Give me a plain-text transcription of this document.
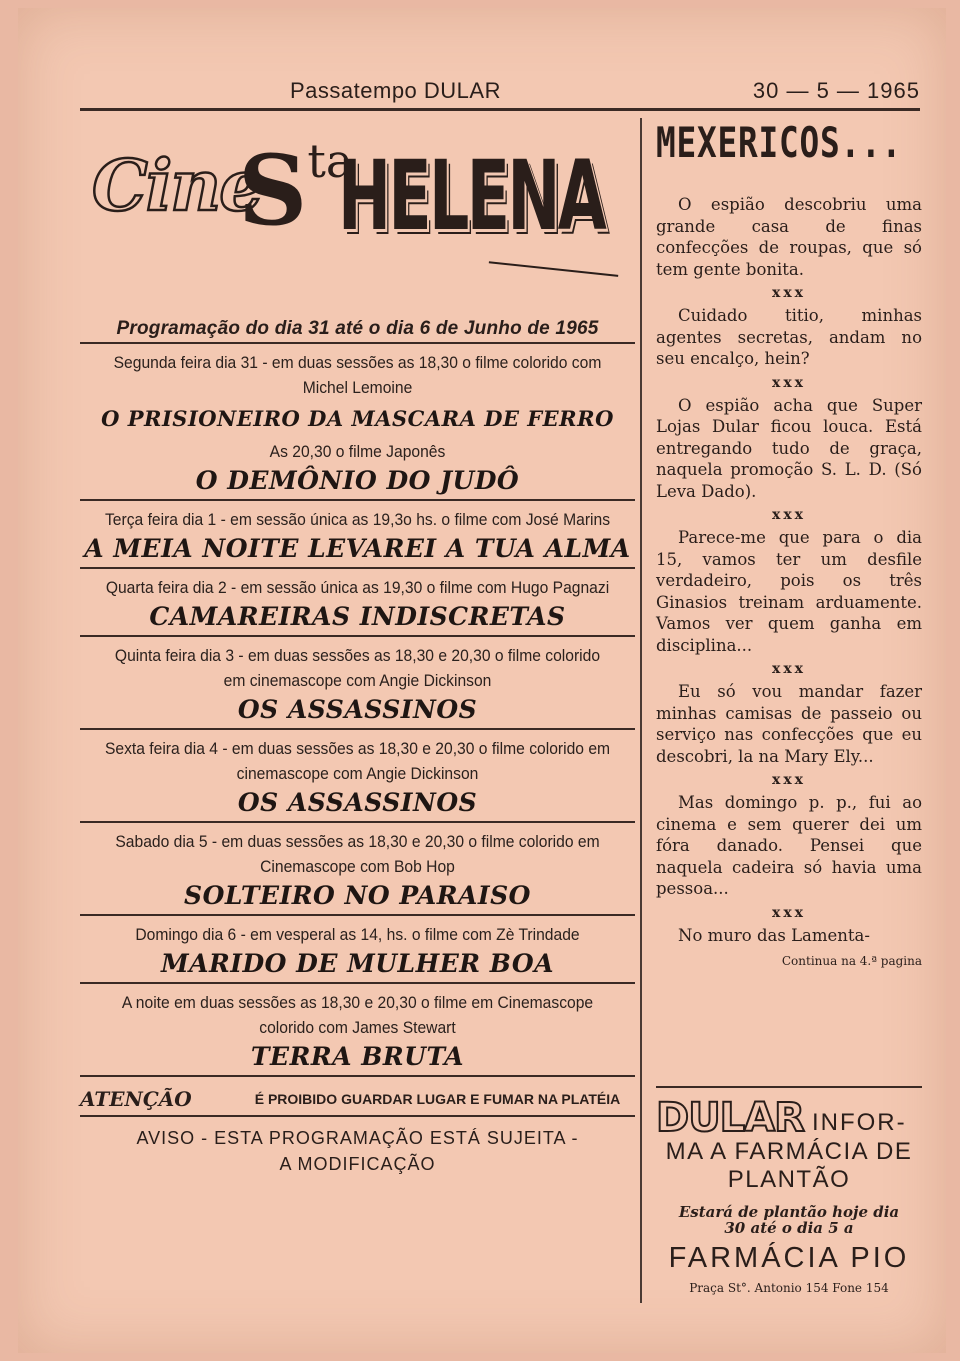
Passatempo DULAR	30 — 5 — 1965
Cine
$S^{ta}$
HELENA
Programação do dia 31 até o dia 6 de Junho de 1965
Segunda feira dia 31 - em duas sessões as 18,30 o filme colorido com Michel Lemoine
O PRISIONEIRO DA MASCARA DE FERRO
As 20,30 o filme Japonês
O DEMÔNIO DO JUDÔ
Terça feira dia 1 - em sessão única as 19,3o hs. o filme com José Marins
A MEIA NOITE LEVAREI A TUA ALMA
Quarta feira dia 2 - em sessão única as 19,30 o filme com Hugo Pagnazi
CAMAREIRAS INDISCRETAS
Quinta feira dia 3 - em duas sessões as 18,30 e 20,30 o filme colorido em cinemascope com Angie Dickinson
OS ASSASSINOS
Sexta feira dia 4 - em duas sessões as 18,30 e 20,30 o filme colorido em cinemascope com Angie Dickinson
OS ASSASSINOS
Sabado dia 5 - em duas sessões as 18,30 e 20,30 o filme colorido em Cinemascope com Bob Hop
SOLTEIRO NO PARAISO
Domingo dia 6 - em vesperal as 14, hs. o filme com Zè Trindade
MARIDO DE MULHER BOA
A noite em duas sessões as 18,30 e 20,30 o filme em Cinemascope colorido com James Stewart
TERRA BRUTA
ATENÇÃO	É PROIBIDO GUARDAR LUGAR E FUMAR NA PLATÉIA
AVISO - ESTA PROGRAMAÇÃO ESTÁ SUJEITA -
A MODIFICAÇÃO
MEXERICOS...

O espião descobriu uma grande casa de finas confecções de roupas, que só tem gente bonita.

xxx

Cuidado titio, minhas agentes secretas, andam no seu encalço, hein?

xxx

O espião acha que Super Lojas Dular ficou louca. Está entregando tudo de graça, naquela promoção S. L. D. (Só Leva Dado).

xxx

Parece-me que para o dia 15, vamos ter um desfile verdadeiro, pois os três Ginasios treinam arduamente. Vamos ver quem ganha em disciplina...

xxx

Eu só vou mandar fazer minhas camisas de passeio ou serviço nas confecções que eu descobri, la na Mary Ely...

xxx

Mas domingo p. p., fui ao cinema e sem querer dei um fóra danado. Pensei que naquela cadeira só havia uma pessoa...

xxx

No muro das Lamenta-

Continua na 4.ª pagina
DULAR INFOR-
MA A FARMÁCIA DE
PLANTÃO
Estará de plantão hoje dia
30 até o dia 5 a
FARMÁCIA PIO
Praça St°. Antonio 154 Fone 154
